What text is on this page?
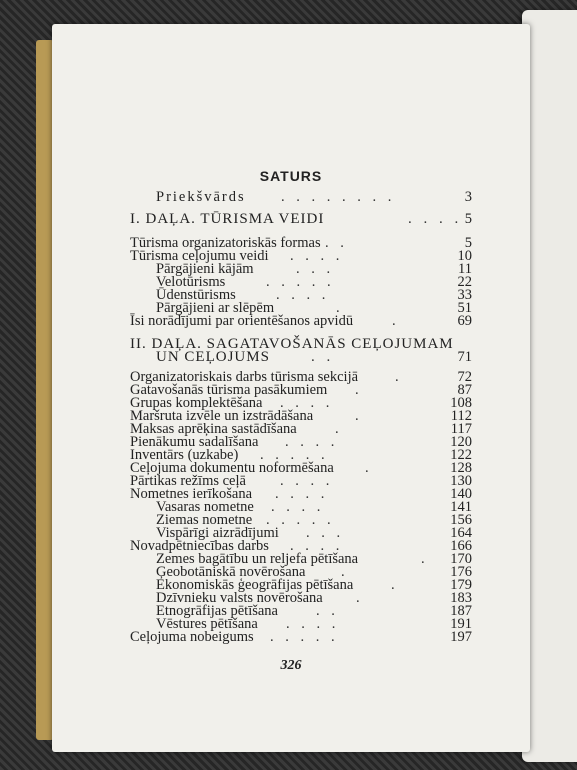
SATURS
Priekšvārds . . . . . . . .	3
I. DAĻA. TŪRISMA VEIDI	. . . . 5
326
Tūrisma organizatoriskās formas . .	5
Tūrisma ceļojumu veidi . . . .	10
Pārgājieni kājām	. . .	11
Velotūrisms	. . . . .	22
Ūdenstūrisms	. . . .	33
Pārgājieni ar slēpēm	.	51
Īsi norādījumi par orientēšanos apvidū	.	69
II. DAĻA. SAGATAVOŠANĀS CEĻOJUMAM
UN CEĻOJUMS	. .	71
Organizatoriskais darbs tūrisma sekcijā	.	72
Gatavošanās tūrisma pasākumiem .	87
Grupas komplektēšana . . . .	108
Maršruta izvēle un izstrādāšana	.	112
Maksas aprēķina sastādīšana	.	117
Pienākumu sadalīšana . . . .	120
Inventārs (uzkabe) . . . . .	122
Ceļojuma dokumentu noformēšana .	128
Pārtikas režīms ceļā . . . .	130
Nometnes ierīkošana . . . .	140
Vasaras nometne . . . .	141
Ziemas nometne . . . . .	156
Vispārīgi aizrādījumi . . .	164
Novadpētniecības darbs . . . .	166
Zemes bagātību un reljefa pētīšana	. 170
Ģeobotāniskā novērošana .	176
Ekonomiskās ģeogrāfijas pētīšana	.	179
Dzīvnieku valsts novērošana .	183
Etnogrāfijas pētīšana	. .	187
Vēstures pētīšana . . . .	191
Ceļojuma nobeigums . . . . .	197
